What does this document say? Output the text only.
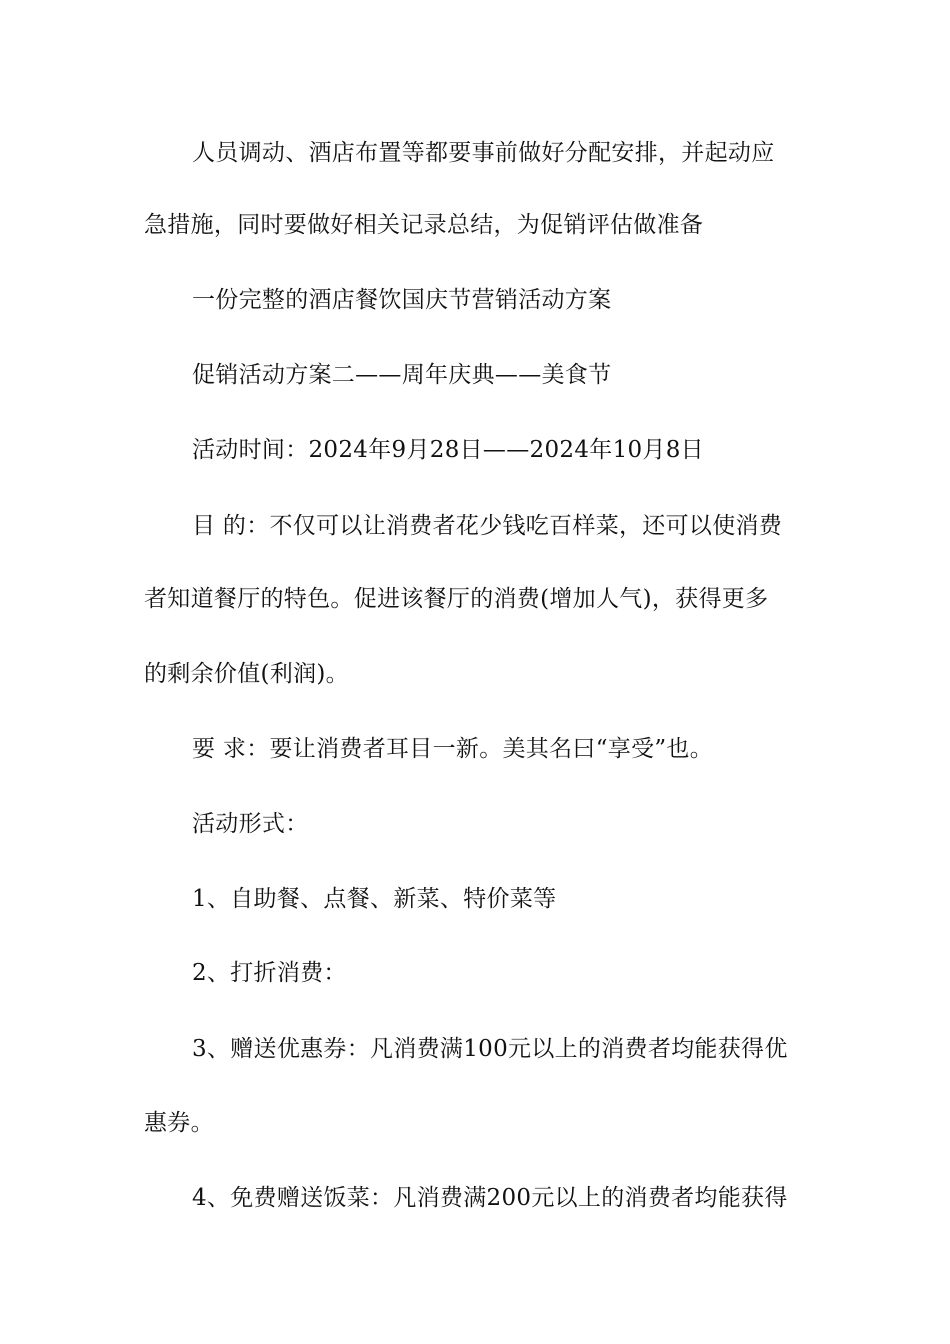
人员调动、酒店布置等都要事前做好分配安排，并起动应
急措施，同时要做好相关记录总结，为促销评估做准备
一份完整的酒店餐饮国庆节营销活动方案
促销活动方案二——周年庆典——美食节
活动时间：2024年9月28日——2024年10月8日
目 的：不仅可以让消费者花少钱吃百样菜，还可以使消费
者知道餐厅的特色。促进该餐厅的消费(增加人气)，获得更多
的剩余价值(利润)。
要 求：要让消费者耳目一新。美其名曰“享受”也。
活动形式：
1、自助餐、点餐、新菜、特价菜等
2、打折消费：
3、赠送优惠券：凡消费满100元以上的消费者均能获得优
惠券。
4、免费赠送饭菜：凡消费满200元以上的消费者均能获得
